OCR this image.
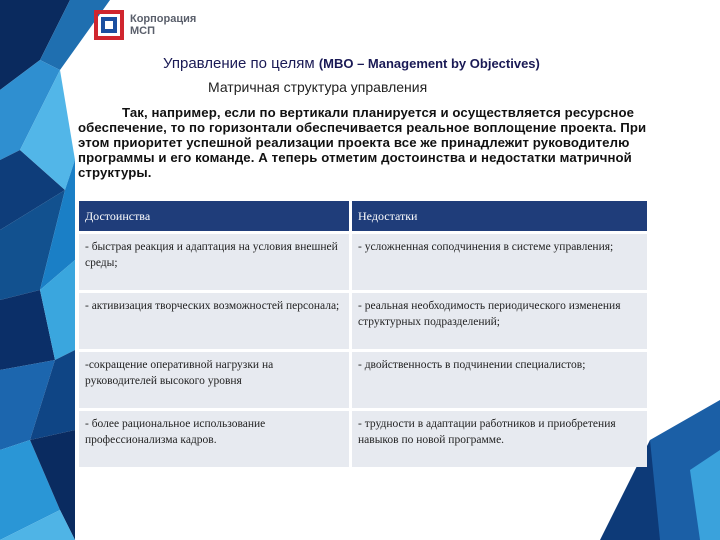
Корпорация
МСП
Управление по целям (MBO – Management by Objectives)
Матричная структура управления
Так, например, если по вертикали планируется и осуществляется ресурсное обеспечение, то по горизонтали обеспечивается реальное воплощение проекта. При этом приоритет успешной реализации проекта все же принадлежит руководителю программы и его команде. А теперь отметим достоинства и недостатки матричной структуры.
Достоинства	Недостатки
- быстрая реакция и адаптация на условия внешней среды;	- усложненная соподчинения в системе управления;
- активизация творческих возможностей персонала;	- реальная необходимость периодического изменения структурных подразделений;
-сокращение оперативной нагрузки на руководителей высокого уровня	- двойственность в подчинении специалистов;
- более рациональное использование профессионализма кадров.	- трудности в адаптации работников и приобретения навыков по новой программе.
